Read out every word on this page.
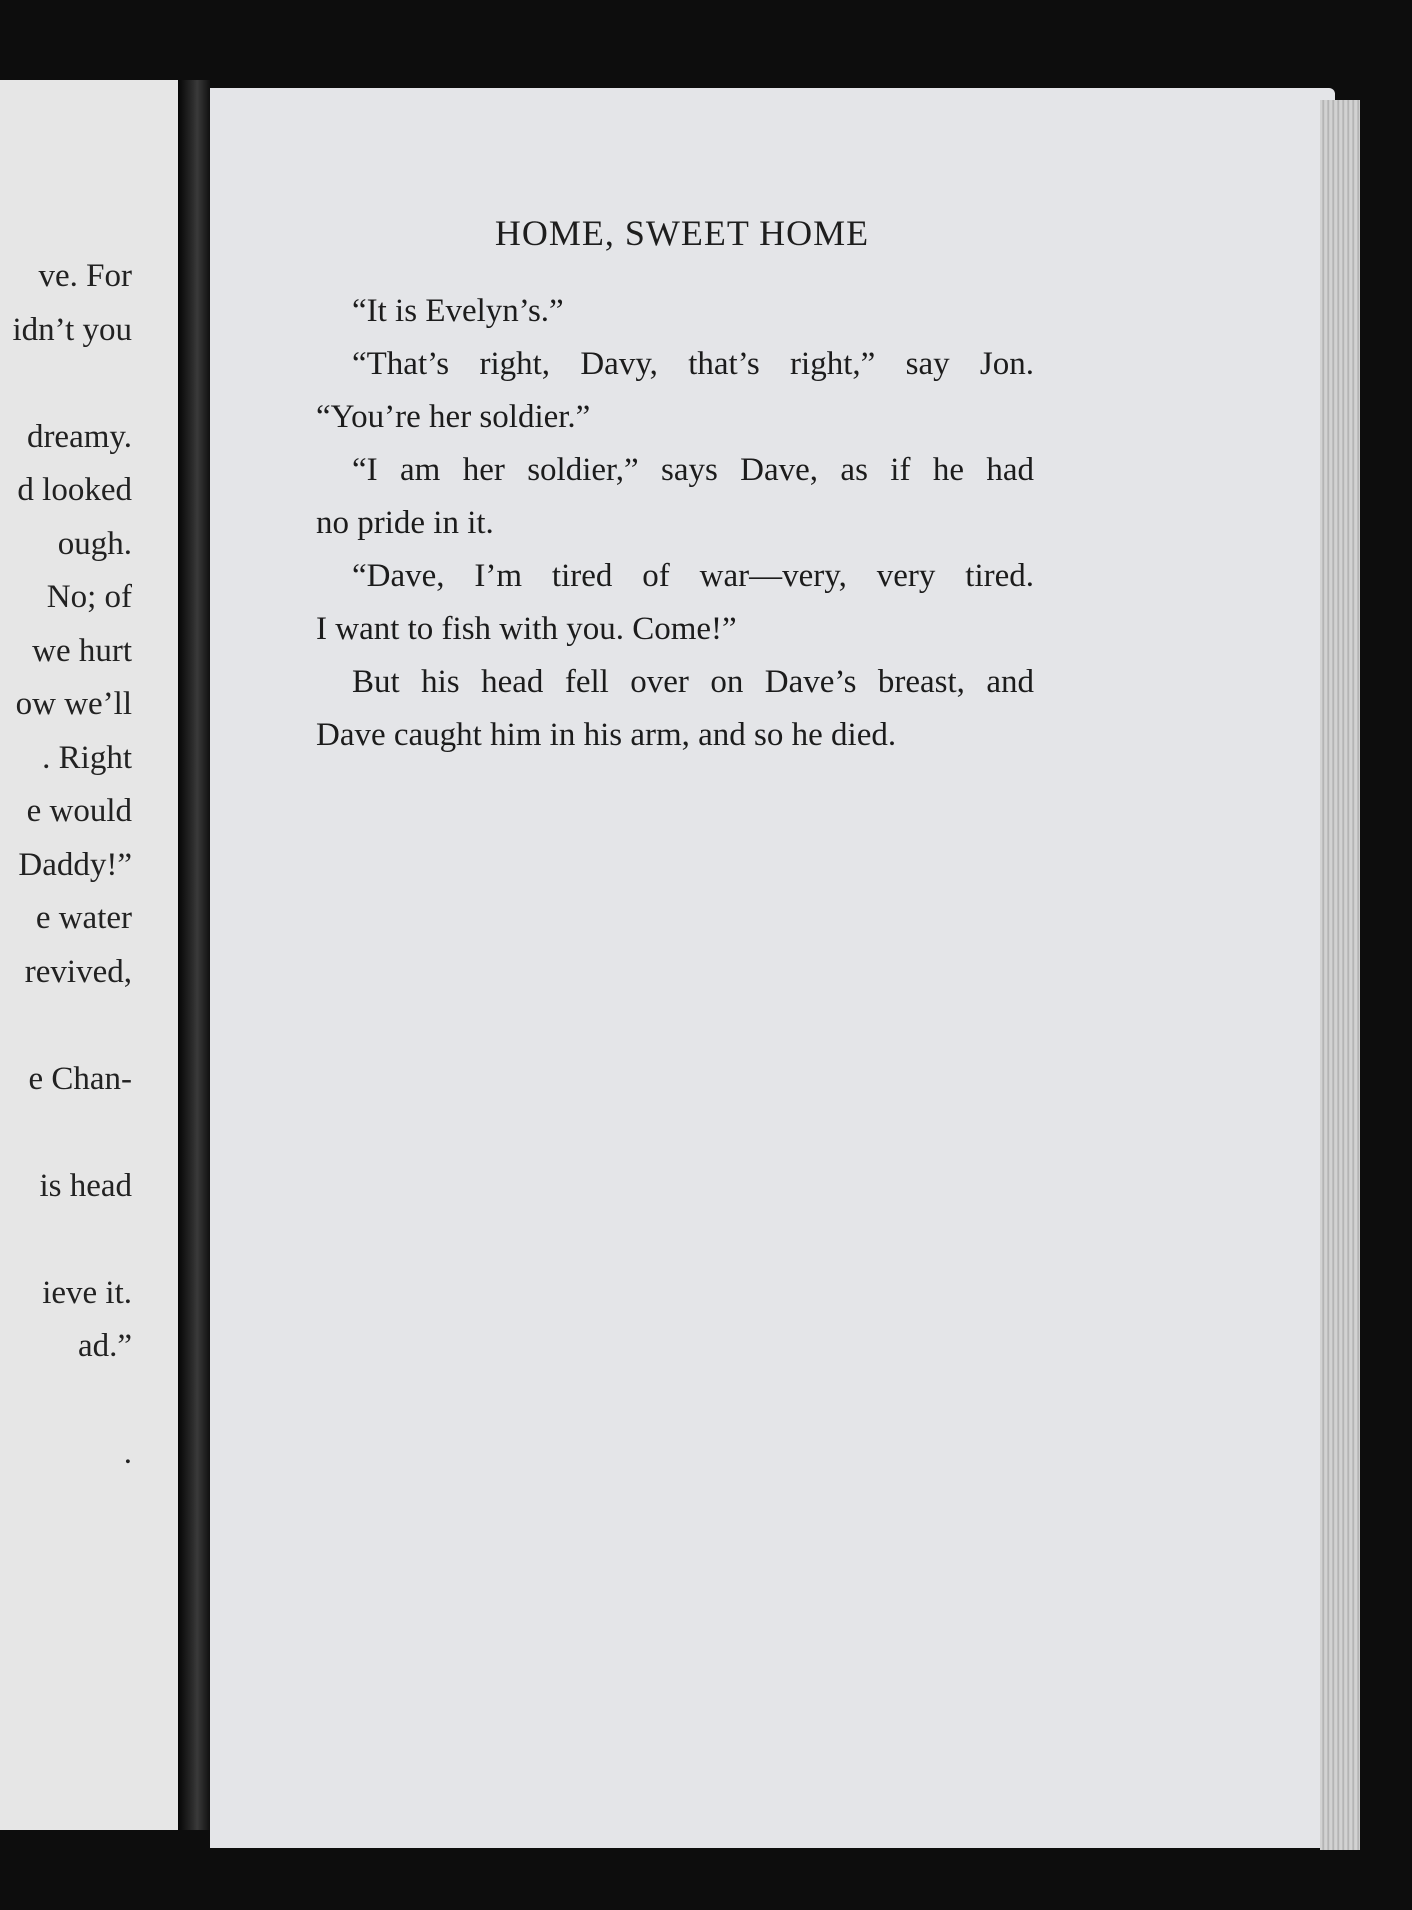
ve. For
idn’t you
dreamy.
d looked
ough.
No; of
we hurt
ow we’ll
. Right
e would
Daddy!”
e water
revived,
e Chan-
is head
ieve it.
ad.”
.
HOME, SWEET HOME
“It is Evelyn’s.”
“That’s right, Davy, that’s right,” say Jon.
“You’re her soldier.”
“I am her soldier,” says Dave, as if he had
no pride in it.
“Dave, I’m tired of war—very, very tired.
I want to fish with you. Come!”
But his head fell over on Dave’s breast, and
Dave caught him in his arm, and so he died.
